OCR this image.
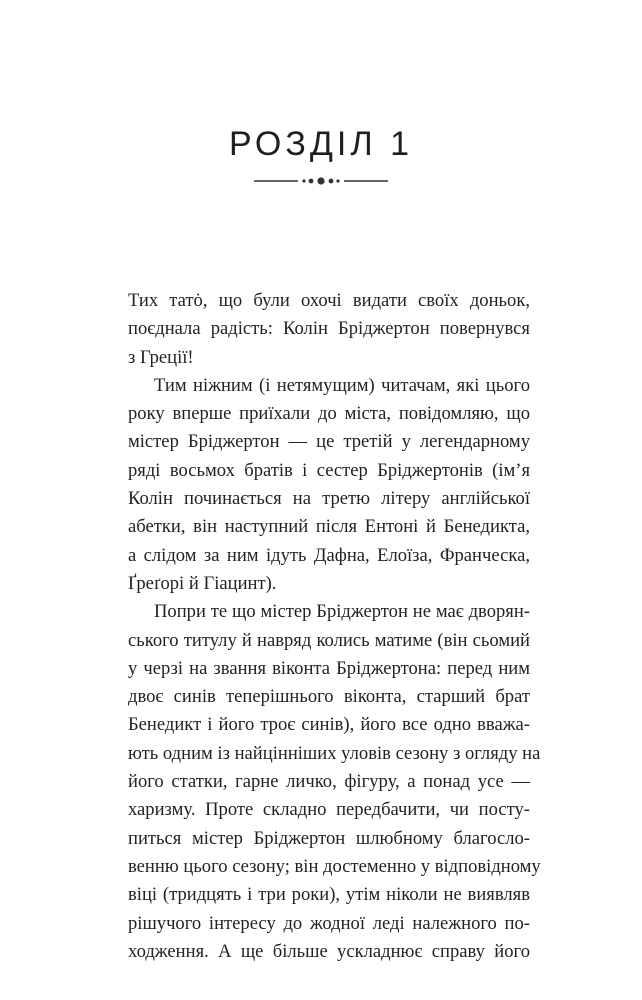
РОЗДІЛ 1
Тих татȯ, що були охочі видати своїх доньок,
поєднала радість: Колін Бріджертон повернувся
з Греції!
Тим ніжним (і нетямущим) читачам, які цього
року вперше приїхали до міста, повідомляю, що
містер Бріджертон — це третій у легендарному
ряді восьмох братів і сестер Бріджертонів (ім’я
Колін починається на третю літеру англійської
абетки, він наступний після Ентоні й Бенедикта,
а слідом за ним ідуть Дафна, Елоїза, Франческа,
Ґреґорі й Гіацинт).
Попри те що містер Бріджертон не має дворян-
ського титулу й навряд колись матиме (він сьомий
у черзі на звання віконта Бріджертона: перед ним
двоє синів теперішнього віконта, старший брат
Бенедикт і його троє синів), його все одно вважа-
ють одним із найцінніших уловів сезону з огляду на
його статки, гарне личко, фігуру, а понад усе —
харизму. Проте складно передбачити, чи посту-
питься містер Бріджертон шлюбному благосло-
венню цього сезону; він достеменно у відповідному
віці (тридцять і три роки), утім ніколи не виявляв
рішучого інтересу до жодної леді належного по-
ходження. А ще більше ускладнює справу його
